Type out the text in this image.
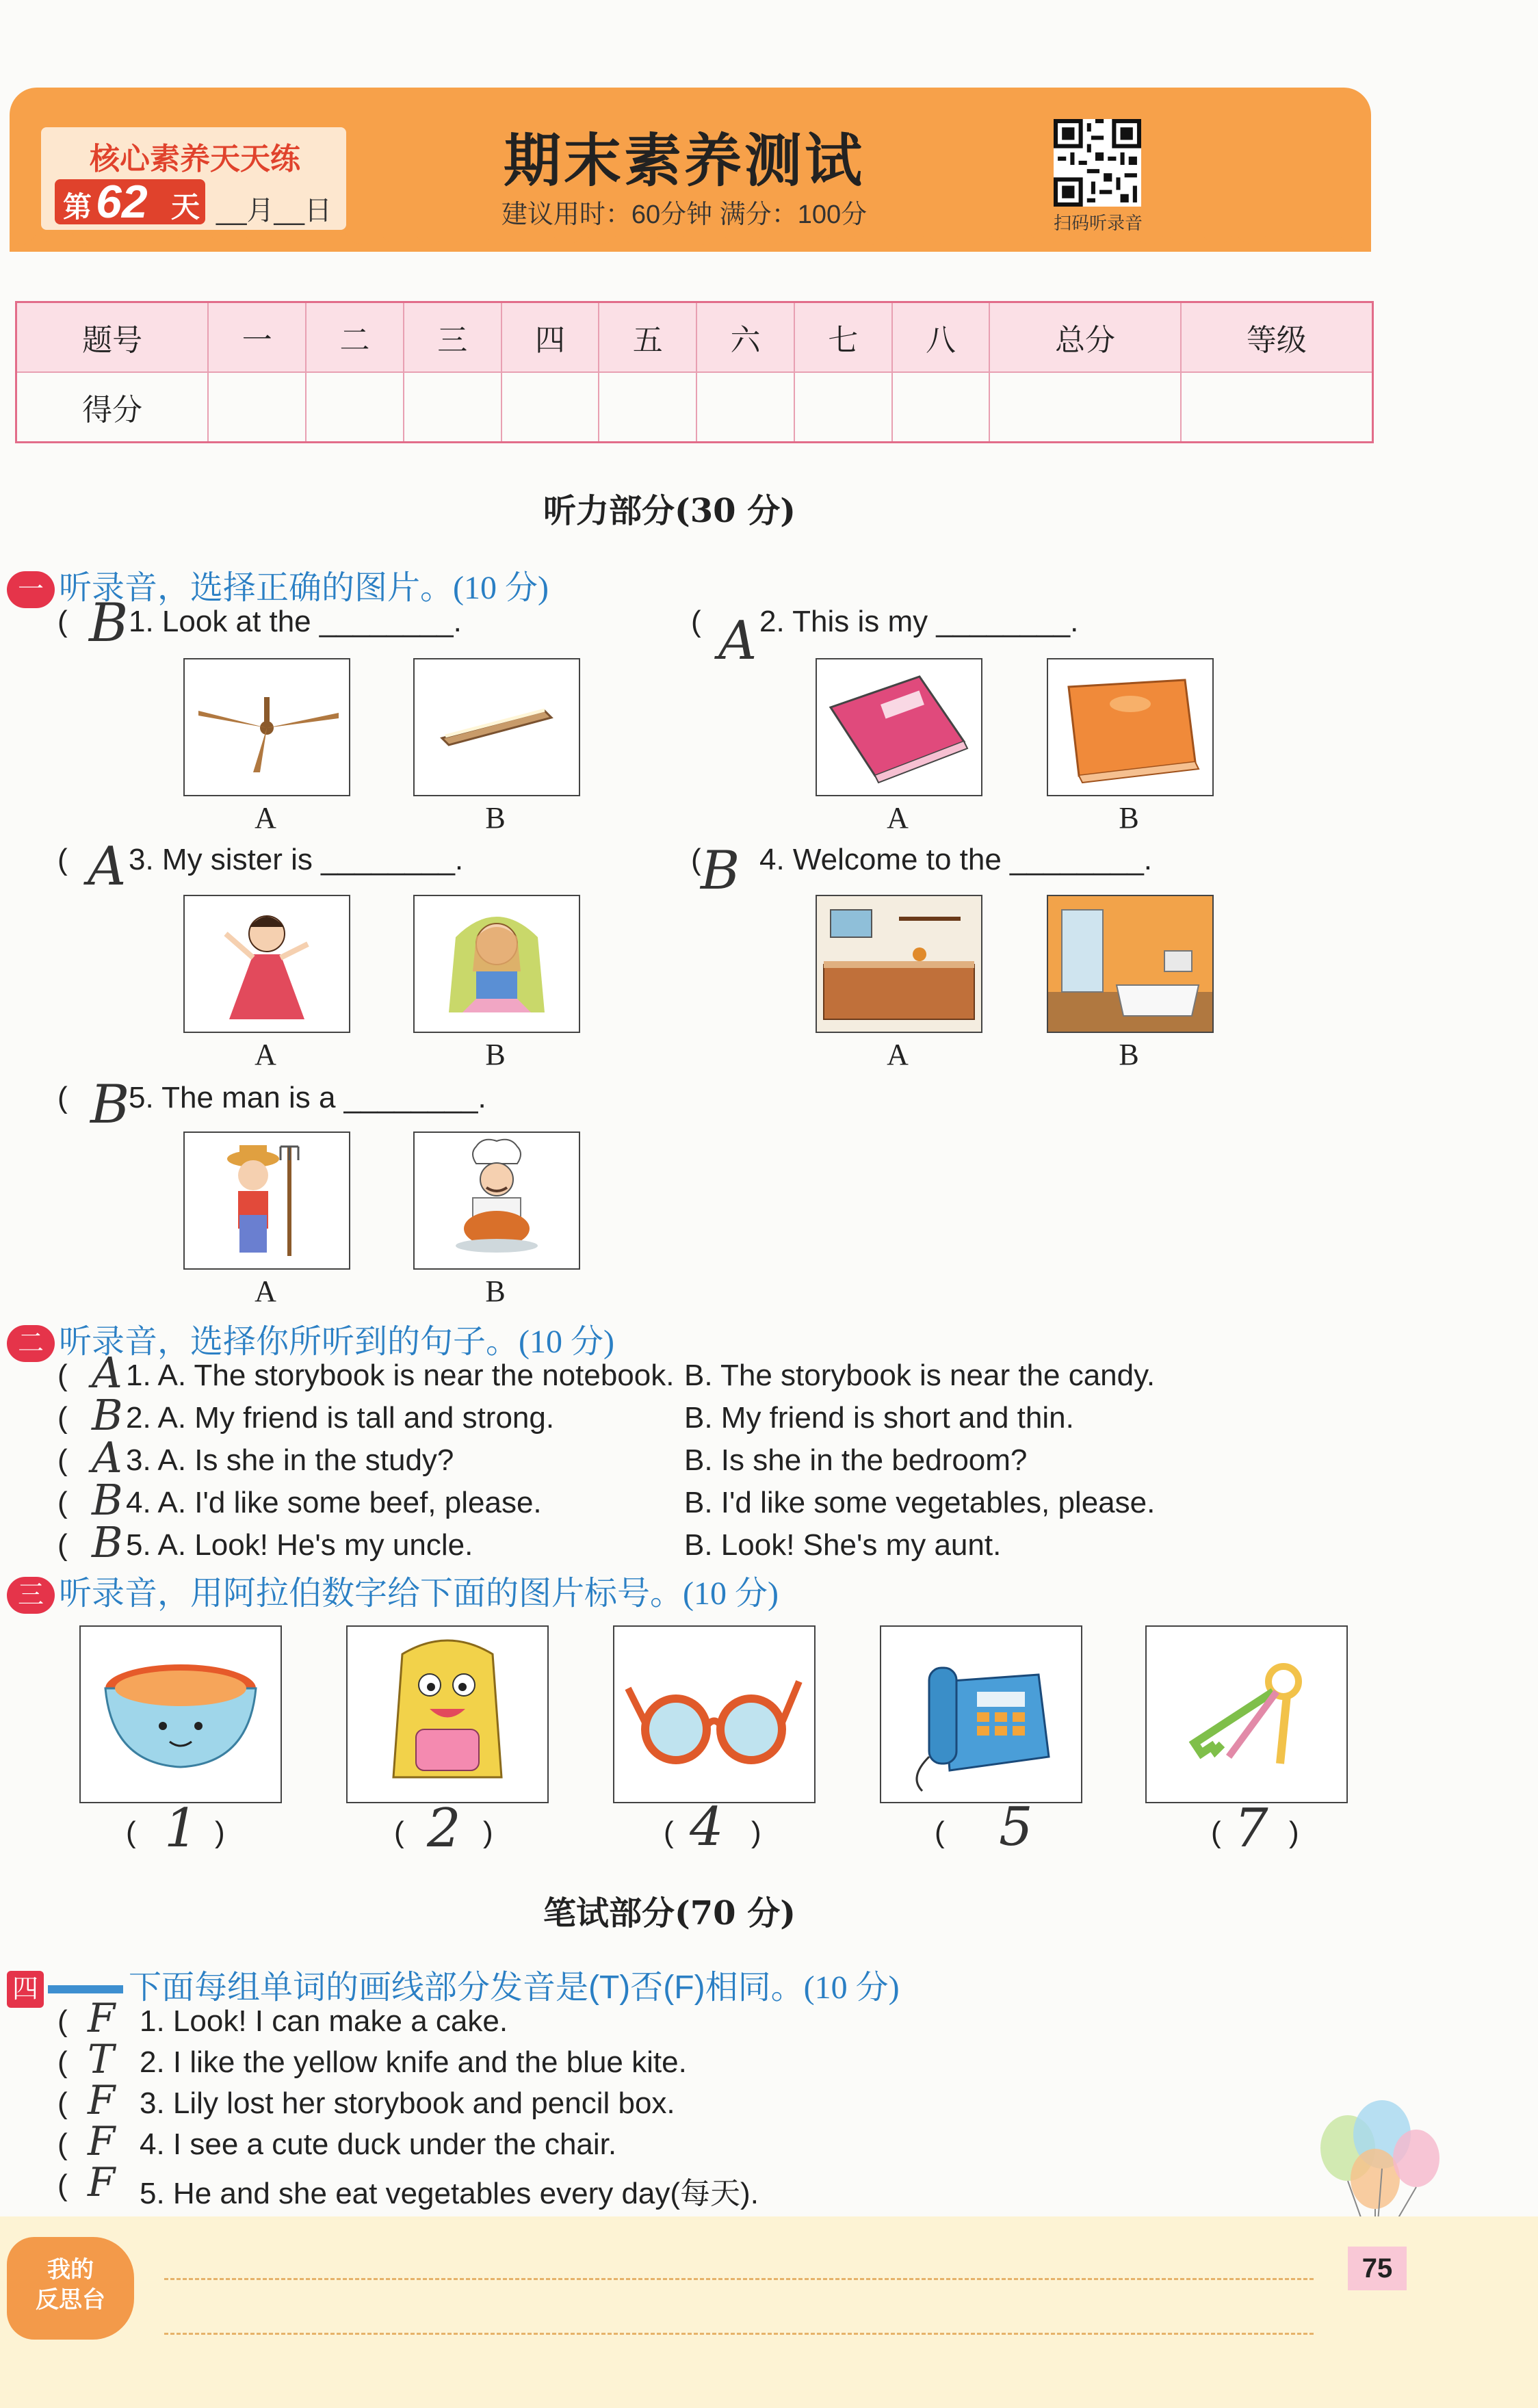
核心素养天天练
第 62 天 __月__日
期末素养测试
建议用时：60分钟 满分：100分	扫码听录音
题号	一	二	三	四	五	六	七	八	总分	等级
得分										
听力部分(30 分)
一 听录音，选择正确的图片。(10 分)
( B 1. Look at the ________.
A	B
( A 2. This is my ________.
A	B
( A 3. My sister is ________.
A	B
( B 4. Welcome to the ________.
A	B
( B
5. The man is a ________.
A	B
二 听录音，选择你所听到的句子。(10 分)
( A 1. A. The storybook is near the notebook. B. The storybook is near the candy.
( B 2. A. My friend is tall and strong.	B. My friend is short and thin.
( A 3. A. Is she in the study?	B. Is she in the bedroom?
( B 4. A. I'd like some beef, please.	B. I'd like some vegetables, please.
( B 5. A. Look! He's my uncle.	B. Look! She's my aunt.
三 听录音，用阿拉伯数字给下面的图片标号。(10 分)
( 1 )	( 2 )	( 4 )	( 5	( 7 )
笔试部分(70 分)
四	下面每组单词的画线部分发音是(T)否(F)相同。(10 分)
( F 1. Look! I can make a cake.
( T 2. I like the yellow knife and the blue kite.
( F 3. Lily lost her storybook and pencil box.
( F 4. I see a cute duck under the chair.
( F 5. He and she eat vegetables every day(每天).
我的
反思台
75
